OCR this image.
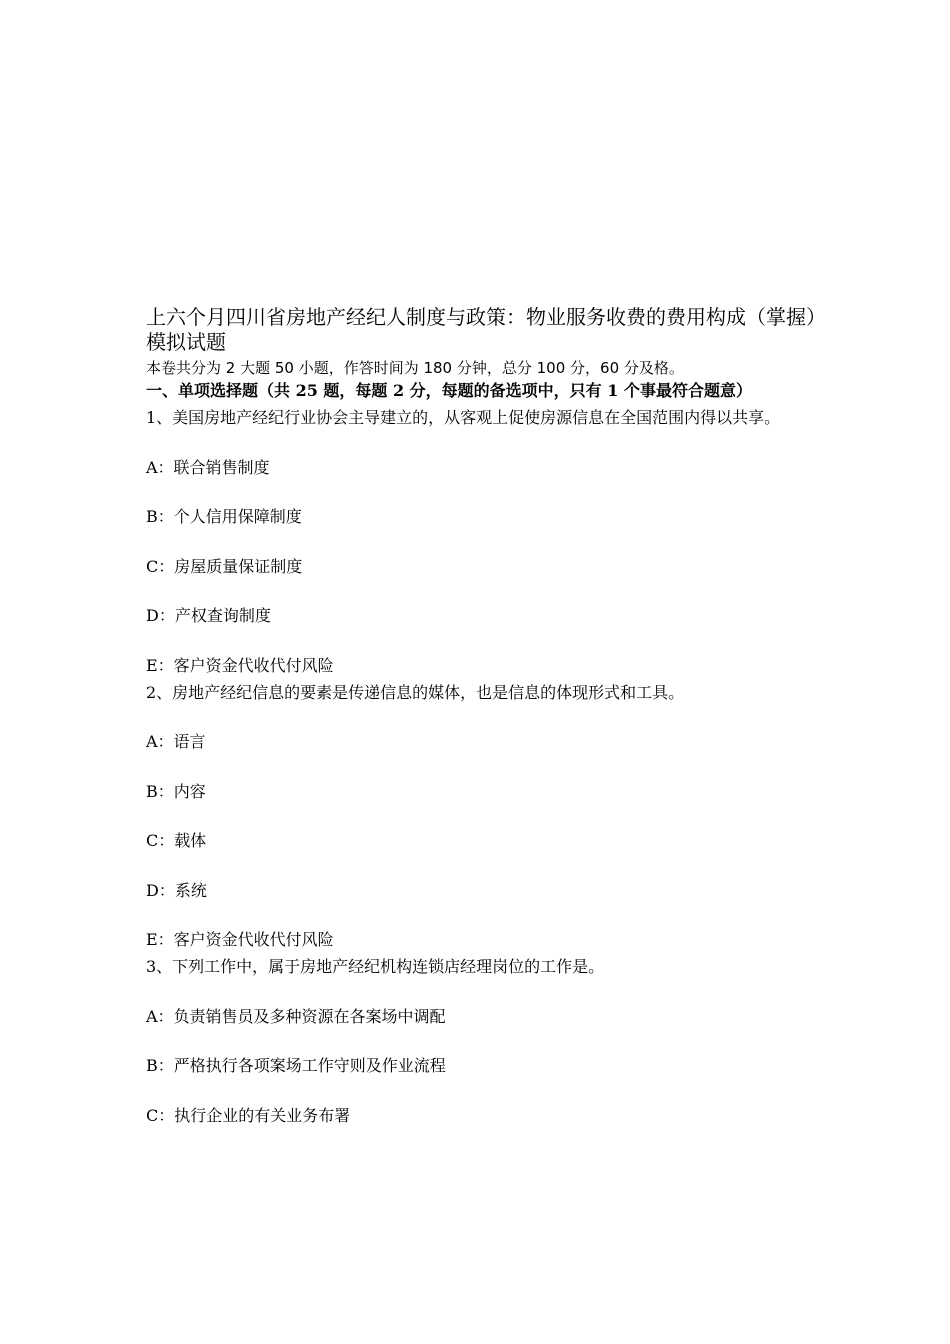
上六个月四川省房地产经纪人制度与政策：物业服务收费的费用构成（掌握）模拟试题

本卷共分为 2 大题 50 小题，作答时间为 180 分钟，总分 100 分，60 分及格。

一、单项选择题（共 25 题，每题 2 分，每题的备选项中，只有 1 个事最符合题意）

1、美国房地产经纪行业协会主导建立的，从客观上促使房源信息在全国范围内得以共享。

A：联合销售制度
B：个人信用保障制度
C：房屋质量保证制度
D：产权查询制度
E：客户资金代收代付风险

2、房地产经纪信息的要素是传递信息的媒体，也是信息的体现形式和工具。

A：语言
B：内容
C：载体
D：系统
E：客户资金代收代付风险

3、下列工作中，属于房地产经纪机构连锁店经理岗位的工作是。

A：负责销售员及多种资源在各案场中调配
B：严格执行各项案场工作守则及作业流程
C：执行企业的有关业务布署
